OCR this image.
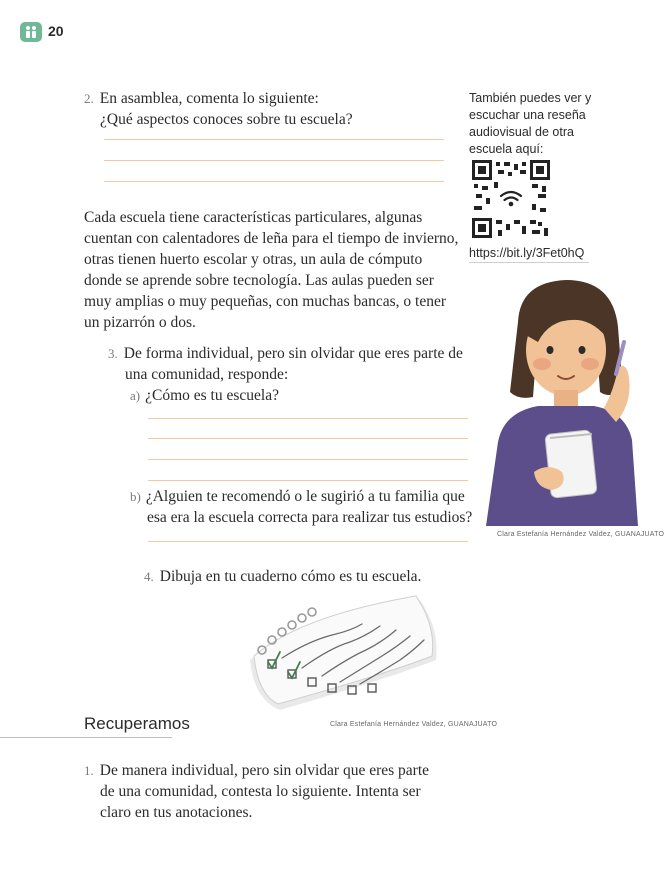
20
2. En asamblea, comenta lo siguiente:
¿Qué aspectos conoces sobre tu escuela?
Cada escuela tiene características particulares, algunas
cuentan con calentadores de leña para el tiempo de invierno,
otras tienen huerto escolar y otras, un aula de cómputo
donde se aprende sobre tecnología. Las aulas pueden ser
muy amplias o muy pequeñas, con muchas bancas, o tener
un pizarrón o dos.
3. De forma individual, pero sin olvidar que eres parte de
una comunidad, responde:
a) ¿Cómo es tu escuela?
b) ¿Alguien te recomendó o le sugirió a tu familia que
esa era la escuela correcta para realizar tus estudios?
4. Dibuja en tu cuaderno cómo es tu escuela.
También puedes ver y
escuchar una reseña
audiovisual de otra
escuela aquí:
https://bit.ly/3Fet0hQ
Clara Estefanía Hernández Valdez, GUANAJUATO
Clara Estefanía Hernández Valdez, GUANAJUATO
Recuperamos
1. De manera individual, pero sin olvidar que eres parte
de una comunidad, contesta lo siguiente. Intenta ser
claro en tus anotaciones.
